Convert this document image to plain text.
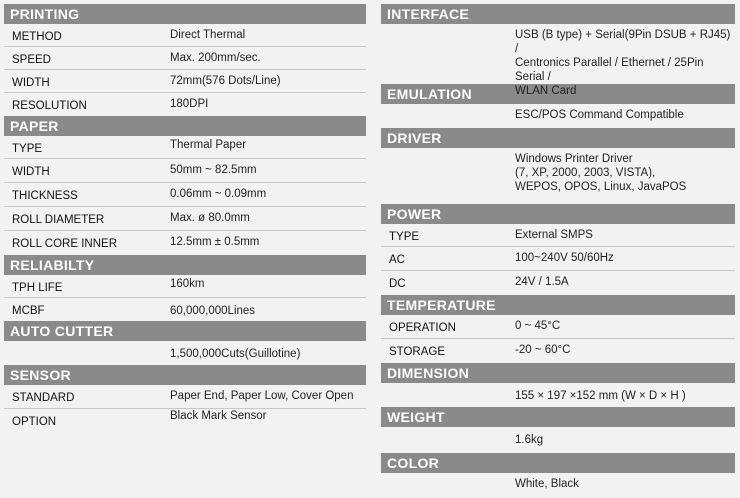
PRINTING
METHOD	Direct Thermal
SPEED	Max. 200mm/sec.
WIDTH	72mm(576 Dots/Line)
RESOLUTION	180DPI
PAPER
TYPE	Thermal Paper
WIDTH	50mm ~ 82.5mm
THICKNESS	0.06mm ~ 0.09mm
ROLL DIAMETER	Max. ø 80.0mm
ROLL CORE INNER	12.5mm ± 0.5mm
RELIABILTY
TPH LIFE	160km
MCBF	60,000,000Lines
AUTO CUTTER
1,500,000Cuts(Guillotine)
SENSOR
STANDARD	Paper End, Paper Low, Cover Open
OPTION	Black Mark Sensor
INTERFACE
USB (B type) + Serial(9Pin DSUB + RJ45) /
Centronics Parallel / Ethernet / 25Pin Serial /
WLAN Card
EMULATION
ESC/POS Command Compatible
DRIVER
Windows Printer Driver
(7, XP, 2000, 2003, VISTA),
WEPOS, OPOS, Linux, JavaPOS
POWER
TYPE	External SMPS
AC	100~240V 50/60Hz
DC	24V / 1.5A
TEMPERATURE
OPERATION	0 ~ 45°C
STORAGE	-20 ~ 60°C
DIMENSION
155 × 197 ×152 mm (W × D × H )
WEIGHT
1.6kg
COLOR
White, Black
